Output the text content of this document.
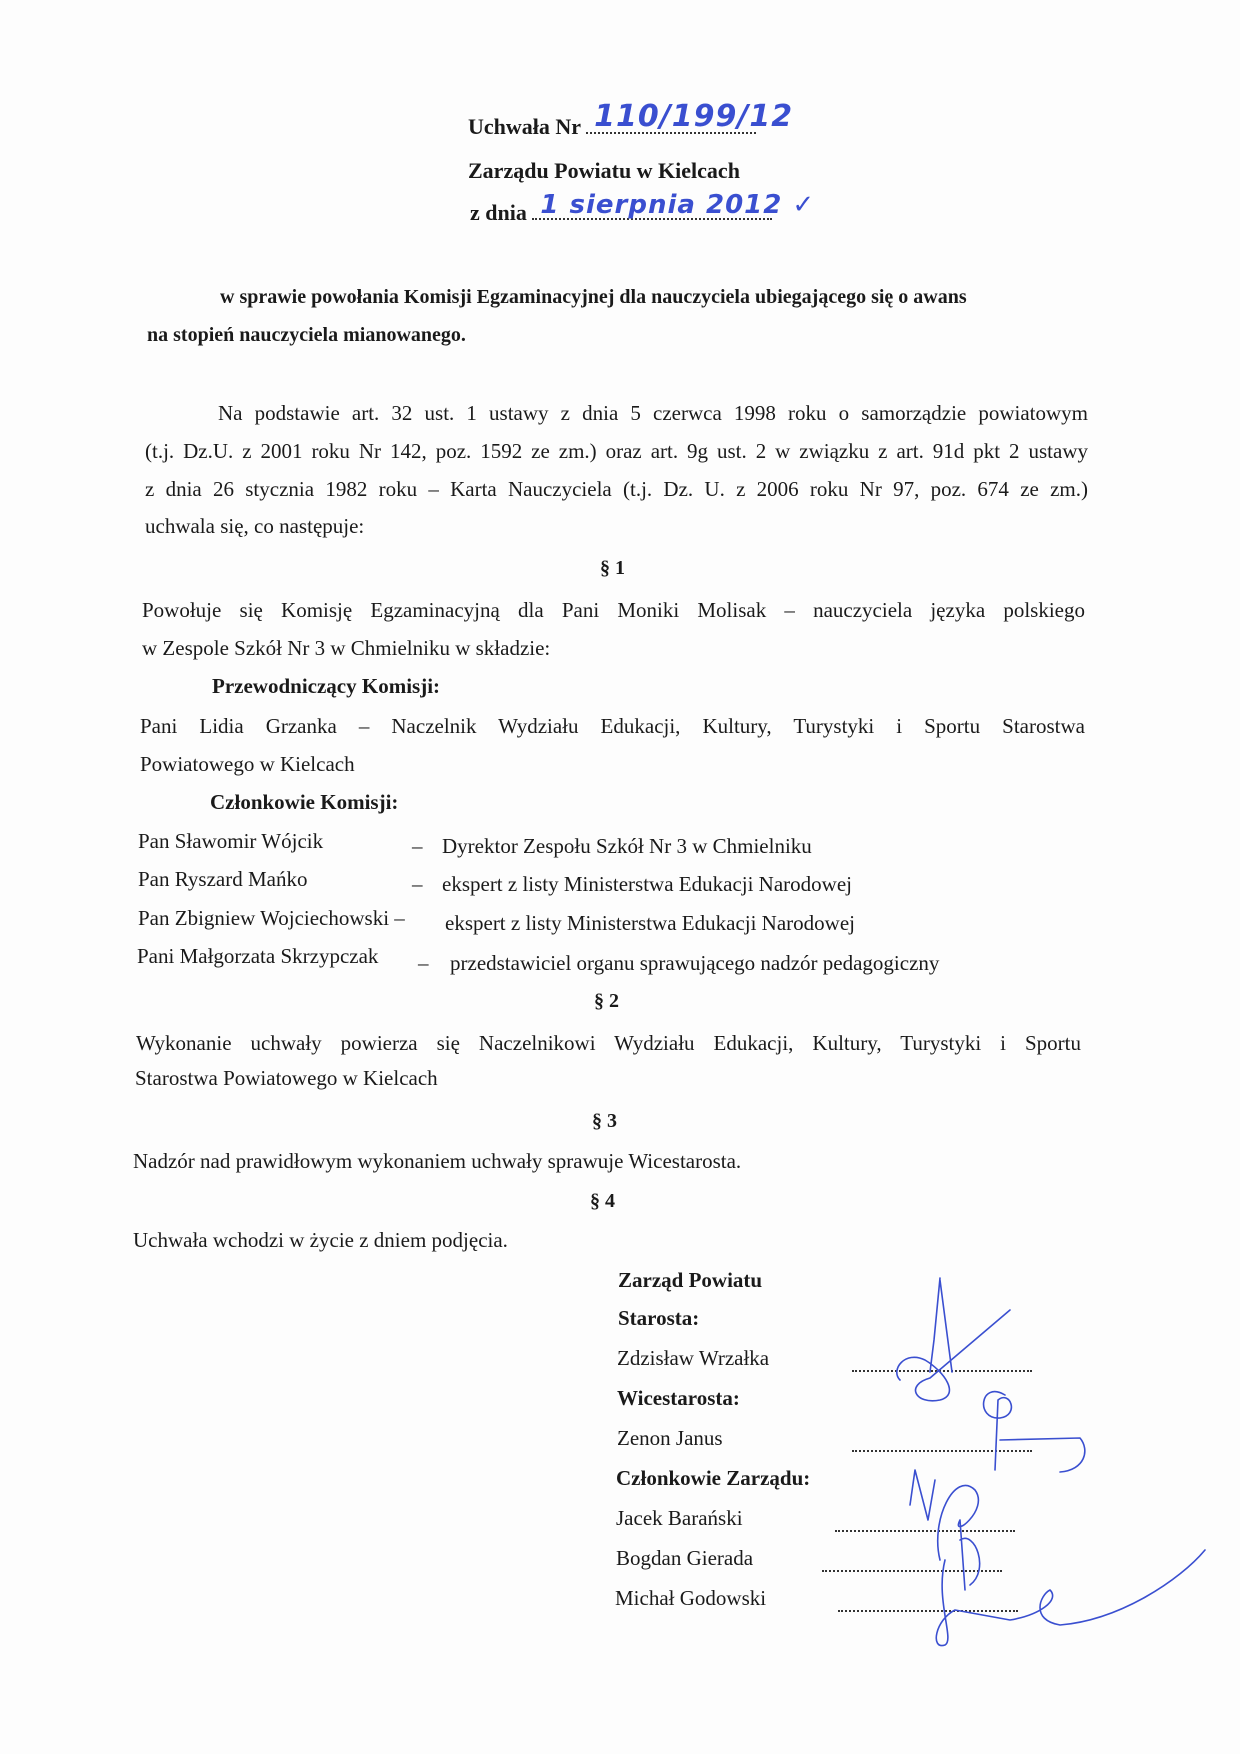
Uchwała Nr 110/199/12
Zarządu Powiatu w Kielcach
z dnia 1 sierpnia 2012 ✓
w sprawie powołania Komisji Egzaminacyjnej dla nauczyciela ubiegającego się o awans
na stopień nauczyciela mianowanego.
Na podstawie art. 32 ust. 1 ustawy z dnia 5 czerwca 1998 roku o samorządzie powiatowym
(t.j. Dz.U. z 2001 roku Nr 142, poz. 1592 ze zm.) oraz art. 9g ust. 2 w związku z art. 91d pkt 2 ustawy
z dnia 26 stycznia 1982 roku – Karta Nauczyciela (t.j. Dz. U. z 2006 roku Nr 97, poz. 674 ze zm.)
uchwala się, co następuje:
§ 1
Powołuje się Komisję Egzaminacyjną dla Pani Moniki Molisak – nauczyciela języka polskiego
w Zespole Szkół Nr 3 w Chmielniku w składzie:
Przewodniczący Komisji:
Pani Lidia Grzanka – Naczelnik Wydziału Edukacji, Kultury, Turystyki i Sportu Starostwa
Powiatowego w Kielcach
Członkowie Komisji:
Pan Sławomir Wójcik	– Dyrektor Zespołu Szkół Nr 3 w Chmielniku
Pan Ryszard Mańko	– ekspert z listy Ministerstwa Edukacji Narodowej
Pan Zbigniew Wojciechowski – ekspert z listy Ministerstwa Edukacji Narodowej
Pani Małgorzata Skrzypczak – przedstawiciel organu sprawującego nadzór pedagogiczny
§ 2
Wykonanie uchwały powierza się Naczelnikowi Wydziału Edukacji, Kultury, Turystyki i Sportu
Starostwa Powiatowego w Kielcach
§ 3
Nadzór nad prawidłowym wykonaniem uchwały sprawuje Wicestarosta.
§ 4
Uchwała wchodzi w życie z dniem podjęcia.
Zarząd Powiatu
Starosta:
Zdzisław Wrzałka
Wicestarosta:
Zenon Janus
Członkowie Zarządu:
Jacek Barański
Bogdan Gierada
Michał Godowski
